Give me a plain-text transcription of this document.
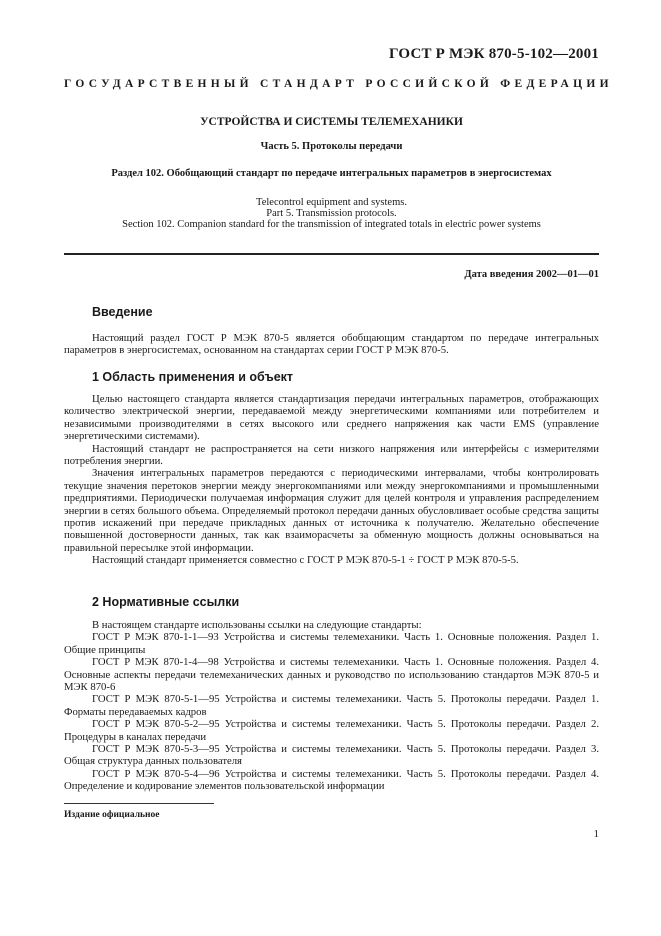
ГОСТ Р МЭК 870-5-102—2001
ГОСУДАРСТВЕННЫЙ СТАНДАРТ РОССИЙСКОЙ ФЕДЕРАЦИИ
УСТРОЙСТВА И СИСТЕМЫ ТЕЛЕМЕХАНИКИ
Часть 5. Протоколы передачи
Раздел 102. Обобщающий стандарт по передаче интегральных параметров в энергосистемах
Telecontrol equipment and systems.
Part 5. Transmission protocols.
Section 102. Companion standard for the transmission of integrated totals in electric power systems
Дата введения 2002—01—01
Введение

Настоящий раздел ГОСТ Р МЭК 870-5 является обобщающим стандартом по передаче интегральных параметров в энергосистемах, основанном на стандартах серии ГОСТ Р МЭК 870-5.

1 Область применения и объект

Целью настоящего стандарта является стандартизация передачи интегральных параметров, отображающих количество электрической энергии, передаваемой между энергетическими компаниями или потребителем и независимыми производителями в сетях высокого или среднего напряжения как части EMS (управление энергетическими системами).

Настоящий стандарт не распространяется на сети низкого напряжения или интерфейсы с измерителями потребления энергии.

Значения интегральных параметров передаются с периодическими интервалами, чтобы контролировать текущие значения перетоков энергии между энергокомпаниями или между энергокомпаниями и промышленными предприятиями. Периодически получаемая информация служит для целей контроля и управления распределением энергии в сетях большого объема. Определяемый протокол передачи данных обусловливает особые средства защиты против искажений при передаче прикладных данных от источника к получателю. Желательно обеспечение повышенной достоверности данных, так как взаиморасчеты за обменную мощность должны основываться на правильной пересылке этой информации.

Настоящий стандарт применяется совместно с ГОСТ Р МЭК 870-5-1 ÷ ГОСТ Р МЭК 870-5-5.

2 Нормативные ссылки

В настоящем стандарте использованы ссылки на следующие стандарты:

ГОСТ Р МЭК 870-1-1—93 Устройства и системы телемеханики. Часть 1. Основные положения. Раздел 1. Общие принципы

ГОСТ Р МЭК 870-1-4—98 Устройства и системы телемеханики. Часть 1. Основные положения. Раздел 4. Основные аспекты передачи телемеханических данных и руководство по использованию стандартов МЭК 870-5 и МЭК 870-6

ГОСТ Р МЭК 870-5-1—95 Устройства и системы телемеханики. Часть 5. Протоколы передачи. Раздел 1. Форматы передаваемых кадров

ГОСТ Р МЭК 870-5-2—95 Устройства и системы телемеханики. Часть 5. Протоколы передачи. Раздел 2. Процедуры в каналах передачи

ГОСТ Р МЭК 870-5-3—95 Устройства и системы телемеханики. Часть 5. Протоколы передачи. Раздел 3. Общая структура данных пользователя

ГОСТ Р МЭК 870-5-4—96 Устройства и системы телемеханики. Часть 5. Протоколы передачи. Раздел 4. Определение и кодирование элементов пользовательской информации

Издание официальное
1
